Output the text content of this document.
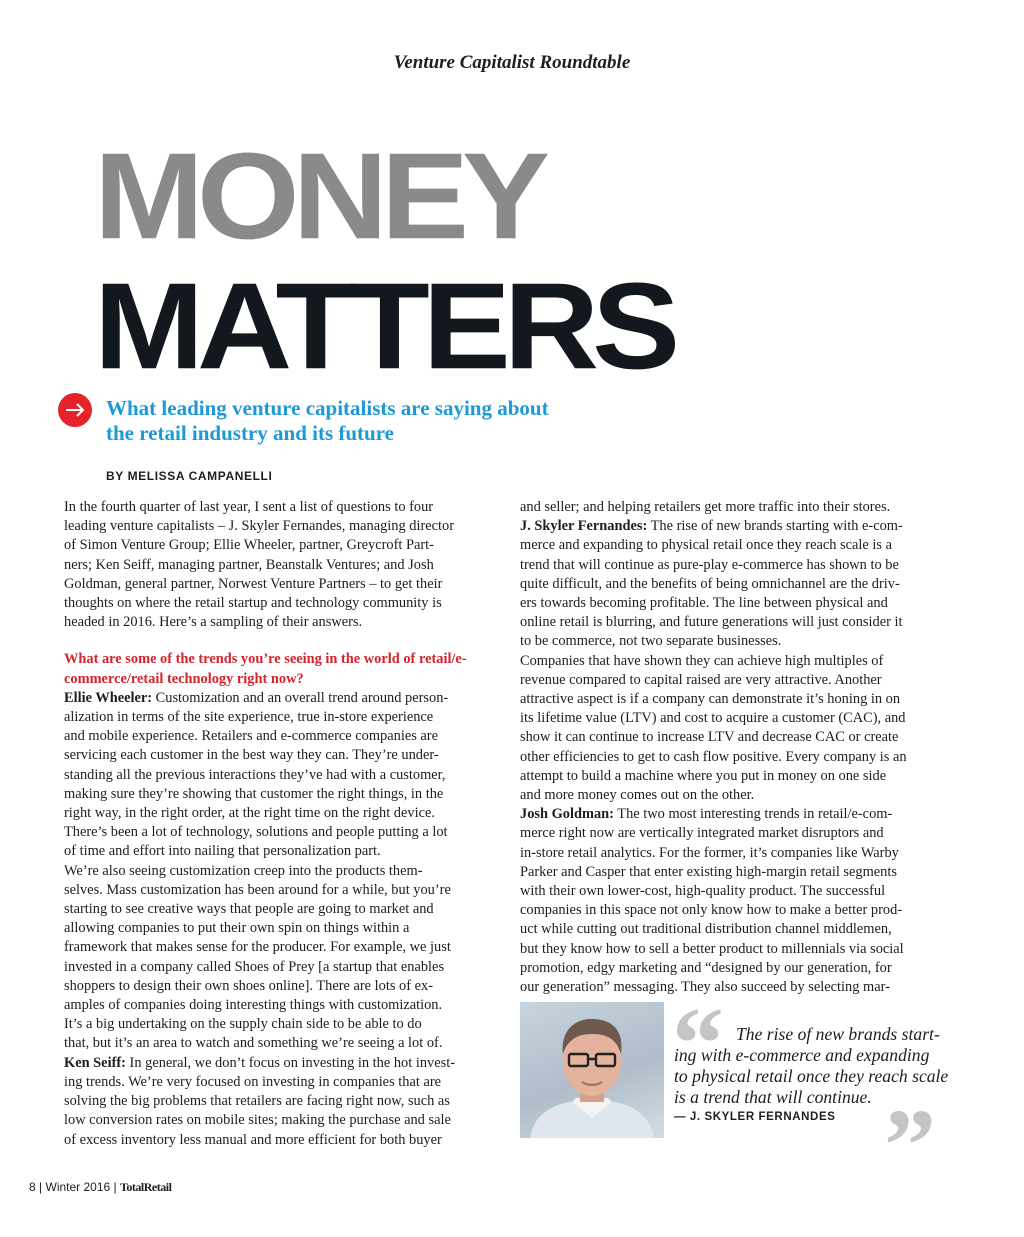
Venture Capitalist Roundtable
MONEY
MATTERS
What leading venture capitalists are saying about
the retail industry and its future
BY MELISSA CAMPANELLI

In the fourth quarter of last year, I sent a list of questions to four

leading venture capitalists – J. Skyler Fernandes, managing director

of Simon Venture Group; Ellie Wheeler, partner, Greycroft Part-

ners; Ken Seiff, managing partner, Beanstalk Ventures; and Josh

Goldman, general partner, Norwest Venture Partners – to get their

thoughts on where the retail startup and technology community is

headed in 2016. Here’s a sampling of their answers.

What are some of the trends you’re seeing in the world of retail/e-

commerce/retail technology right now?

Ellie Wheeler: Customization and an overall trend around person-

alization in terms of the site experience, true in-store experience

and mobile experience. Retailers and e-commerce companies are

servicing each customer in the best way they can. They’re under-

standing all the previous interactions they’ve had with a customer,

making sure they’re showing that customer the right things, in the

right way, in the right order, at the right time on the right device.

There’s been a lot of technology, solutions and people putting a lot

of time and effort into nailing that personalization part.

We’re also seeing customization creep into the products them-

selves. Mass customization has been around for a while, but you’re

starting to see creative ways that people are going to market and

allowing companies to put their own spin on things within a

framework that makes sense for the producer. For example, we just

invested in a company called Shoes of Prey [a startup that enables

shoppers to design their own shoes online]. There are lots of ex-

amples of companies doing interesting things with customization.

It’s a big undertaking on the supply chain side to be able to do

that, but it’s an area to watch and something we’re seeing a lot of.

Ken Seiff: In general, we don’t focus on investing in the hot invest-

ing trends. We’re very focused on investing in companies that are

solving the big problems that retailers are facing right now, such as

low conversion rates on mobile sites; making the purchase and sale

of excess inventory less manual and more efficient for both buyer

and seller; and helping retailers get more traffic into their stores.

J. Skyler Fernandes: The rise of new brands starting with e-com-

merce and expanding to physical retail once they reach scale is a

trend that will continue as pure-play e-commerce has shown to be

quite difficult, and the benefits of being omnichannel are the driv-

ers towards becoming profitable. The line between physical and

online retail is blurring, and future generations will just consider it

to be commerce, not two separate businesses.

Companies that have shown they can achieve high multiples of

revenue compared to capital raised are very attractive. Another

attractive aspect is if a company can demonstrate it’s honing in on

its lifetime value (LTV) and cost to acquire a customer (CAC), and

show it can continue to increase LTV and decrease CAC or create

other efficiencies to get to cash flow positive. Every company is an

attempt to build a machine where you put in money on one side

and more money comes out on the other.

Josh Goldman: The two most interesting trends in retail/e-com-

merce right now are vertically integrated market disruptors and

in-store retail analytics. For the former, it’s companies like Warby

Parker and Casper that enter existing high-margin retail segments

with their own lower-cost, high-quality product. The successful

companies in this space not only know how to make a better prod-

uct while cutting out traditional distribution channel middlemen,

but they know how to sell a better product to millennials via social

promotion, edgy marketing and “designed by our generation, for

our generation” messaging. They also succeed by selecting mar-

“
”
The rise of new brands start-
ing with e-commerce and expanding
to physical retail once they reach scale
is a trend that will continue.
— J. SKYLER FERNANDES
8 | Winter 2016 | TotalRetail
